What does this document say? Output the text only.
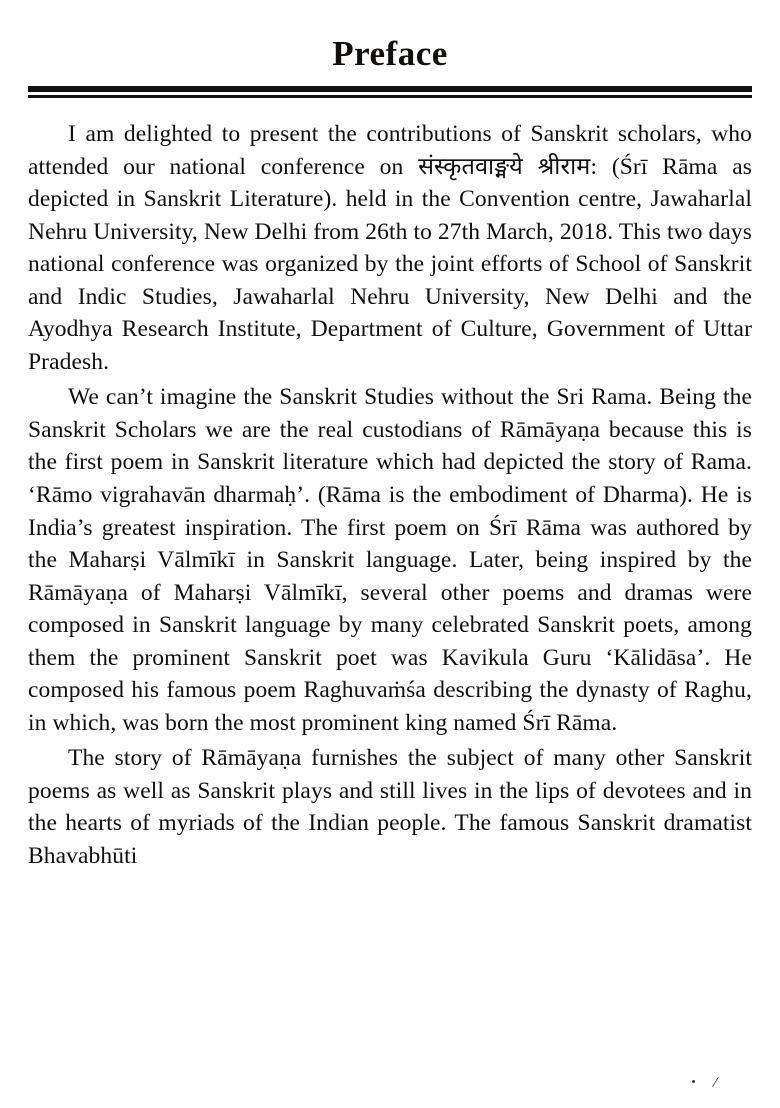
Preface

I am delighted to present the contributions of Sanskrit scholars, who attended our national conference on संस्कृतवाङ्मये श्रीराम: (Śrī Rāma as depicted in Sanskrit Literature). held in the Convention centre, Jawaharlal Nehru University, New Delhi from 26th to 27th March, 2018. This two days national conference was organized by the joint efforts of School of Sanskrit and Indic Studies, Jawaharlal Nehru University, New Delhi and the Ayodhya Research Institute, Department of Culture, Government of Uttar Pradesh.

We can’t imagine the Sanskrit Studies without the Sri Rama. Being the Sanskrit Scholars we are the real custodians of Rāmāyaṇa because this is the first poem in Sanskrit literature which had depicted the story of Rama. ‘Rāmo vigrahavān dharmaḥ’. (Rāma is the embodiment of Dharma). He is India’s greatest inspiration. The first poem on Śrī Rāma was authored by the Maharṣi Vālmīkī in Sanskrit language. Later, being inspired by the Rāmāyaṇa of Maharṣi Vālmīkī, several other poems and dramas were composed in Sanskrit language by many celebrated Sanskrit poets, among them the prominent Sanskrit poet was Kavikula Guru ‘Kālidāsa’. He composed his famous poem Raghuvaṁśa describing the dynasty of Raghu, in which, was born the most prominent king named Śrī Rāma.

The story of Rāmāyaṇa furnishes the subject of many other Sanskrit poems as well as Sanskrit plays and still lives in the lips of devotees and in the hearts of myriads of the Indian people. The famous Sanskrit dramatist Bhavabhūti

/
